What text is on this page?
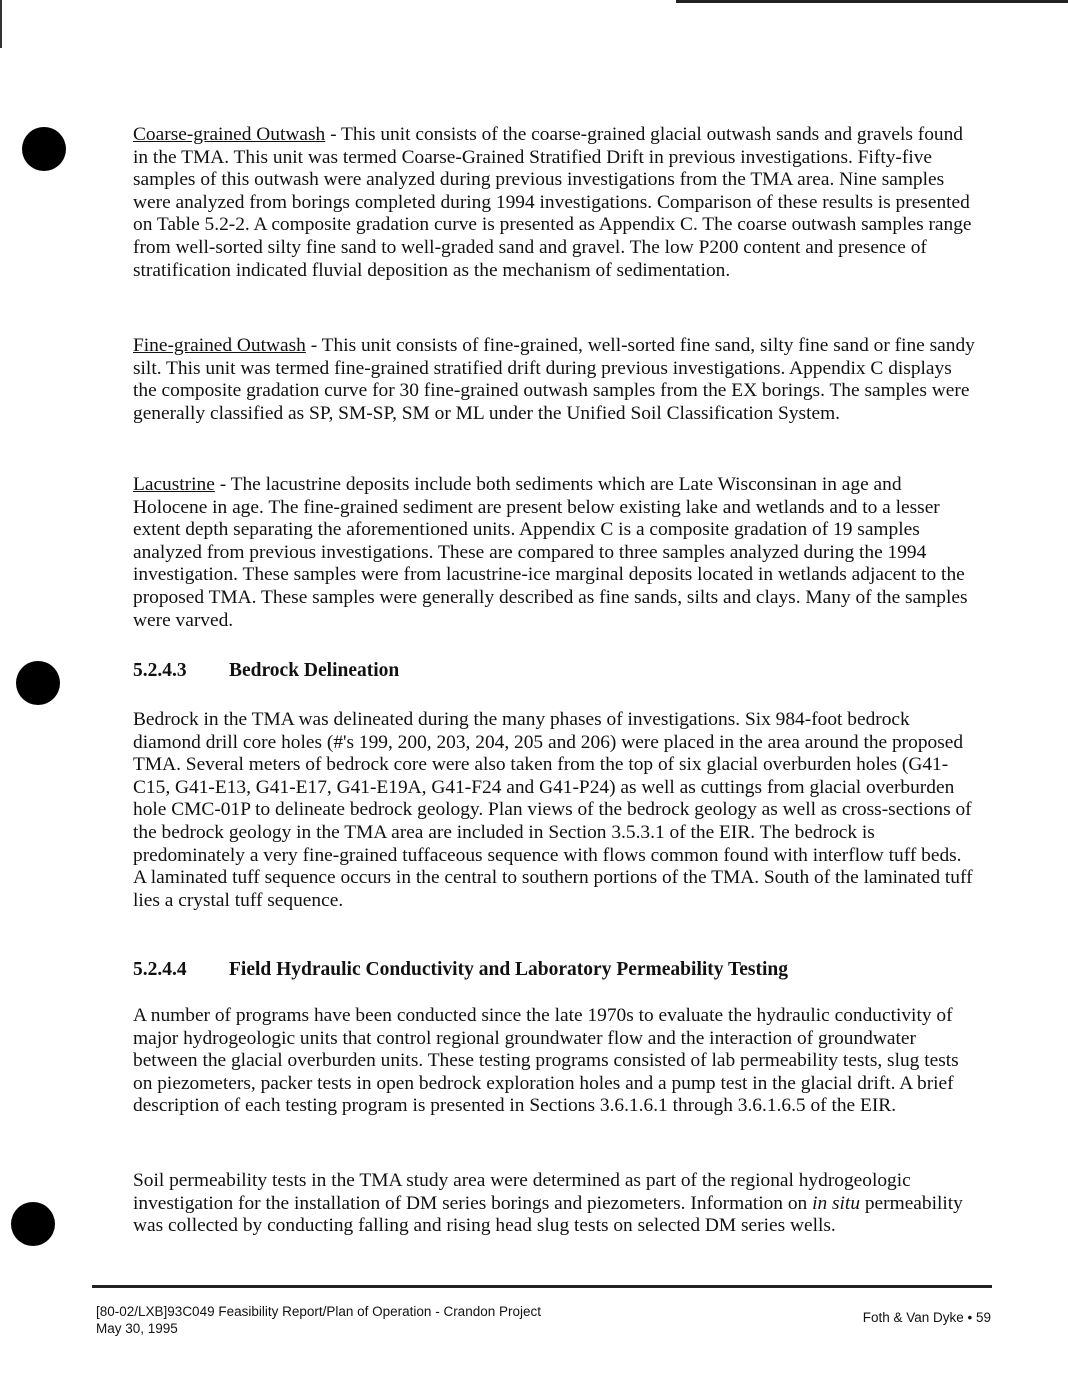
Coarse-grained Outwash - This unit consists of the coarse-grained glacial outwash sands and gravels found in the TMA. This unit was termed Coarse-Grained Stratified Drift in previous investigations. Fifty-five samples of this outwash were analyzed during previous investigations from the TMA area. Nine samples were analyzed from borings completed during 1994 investigations. Comparison of these results is presented on Table 5.2-2. A composite gradation curve is presented as Appendix C. The coarse outwash samples range from well-sorted silty fine sand to well-graded sand and gravel. The low P200 content and presence of stratification indicated fluvial deposition as the mechanism of sedimentation.

Fine-grained Outwash - This unit consists of fine-grained, well-sorted fine sand, silty fine sand or fine sandy silt. This unit was termed fine-grained stratified drift during previous investigations. Appendix C displays the composite gradation curve for 30 fine-grained outwash samples from the EX borings. The samples were generally classified as SP, SM-SP, SM or ML under the Unified Soil Classification System.

Lacustrine - The lacustrine deposits include both sediments which are Late Wisconsinan in age and Holocene in age. The fine-grained sediment are present below existing lake and wetlands and to a lesser extent depth separating the aforementioned units. Appendix C is a composite gradation of 19 samples analyzed from previous investigations. These are compared to three samples analyzed during the 1994 investigation. These samples were from lacustrine-ice marginal deposits located in wetlands adjacent to the proposed TMA. These samples were generally described as fine sands, silts and clays. Many of the samples were varved.

5.2.4.3 Bedrock Delineation

Bedrock in the TMA was delineated during the many phases of investigations. Six 984-foot bedrock diamond drill core holes (#'s 199, 200, 203, 204, 205 and 206) were placed in the area around the proposed TMA. Several meters of bedrock core were also taken from the top of six glacial overburden holes (G41-C15, G41-E13, G41-E17, G41-E19A, G41-F24 and G41-P24) as well as cuttings from glacial overburden hole CMC-01P to delineate bedrock geology. Plan views of the bedrock geology as well as cross-sections of the bedrock geology in the TMA area are included in Section 3.5.3.1 of the EIR. The bedrock is predominately a very fine-grained tuffaceous sequence with flows common found with interflow tuff beds. A laminated tuff sequence occurs in the central to southern portions of the TMA. South of the laminated tuff lies a crystal tuff sequence.

5.2.4.4 Field Hydraulic Conductivity and Laboratory Permeability Testing

A number of programs have been conducted since the late 1970s to evaluate the hydraulic conductivity of major hydrogeologic units that control regional groundwater flow and the interaction of groundwater between the glacial overburden units. These testing programs consisted of lab permeability tests, slug tests on piezometers, packer tests in open bedrock exploration holes and a pump test in the glacial drift. A brief description of each testing program is presented in Sections 3.6.1.6.1 through 3.6.1.6.5 of the EIR.

Soil permeability tests in the TMA study area were determined as part of the regional hydrogeologic investigation for the installation of DM series borings and piezometers. Information on in situ permeability was collected by conducting falling and rising head slug tests on selected DM series wells.

[80-02/LXB]93C049 Feasibility Report/Plan of Operation - Crandon Project
May 30, 1995
Foth & Van Dyke • 59
